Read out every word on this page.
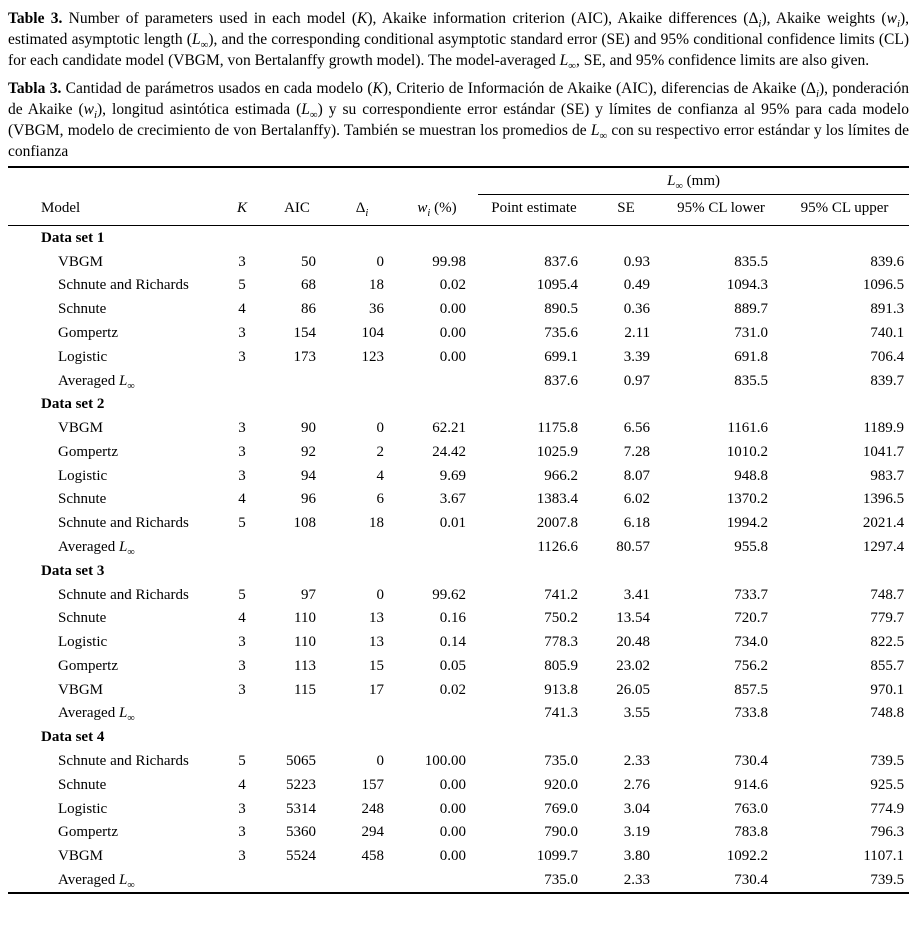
Table 3. Number of parameters used in each model (K), Akaike information criterion (AIC), Akaike differences $(\Delta_i)$, Akaike weights $(w_i)$, estimated asymptotic length $(L_\infty)$, and the corresponding conditional asymptotic standard error (SE) and 95% conditional confidence limits (CL) for each candidate model (VBGM, von Bertalanffy growth model). The model-averaged $L_\infty$, SE, and 95% confidence limits are also given.

Tabla 3. Cantidad de parámetros usados en cada modelo (K), Criterio de Información de Akaike (AIC), diferencias de Akaike $(\Delta_i)$, ponderación de Akaike $(w_i)$, longitud asintótica estimada $(L_\infty)$ y su correspondiente error estándar (SE) y límites de confianza al 95% para cada modelo (VBGM, modelo de crecimiento de von Bertalanffy). También se muestran los promedios de $L_\infty$ con su respectivo error estándar y los límites de confianza

					$L_\infty$ (mm)			
Model	K	AIC	$\Delta_i$	$w_i$ (%)	Point estimate	SE	95% CL lower	95% CL upper
Data set 1								
VBGM	3	50	0	99.98	837.6	0.93	835.5	839.6
Schnute and Richards	5	68	18	0.02	1095.4	0.49	1094.3	1096.5
Schnute	4	86	36	0.00	890.5	0.36	889.7	891.3
Gompertz	3	154	104	0.00	735.6	2.11	731.0	740.1
Logistic	3	173	123	0.00	699.1	3.39	691.8	706.4
Averaged $L_\infty$					837.6	0.97	835.5	839.7
Data set 2								
VBGM	3	90	0	62.21	1175.8	6.56	1161.6	1189.9
Gompertz	3	92	2	24.42	1025.9	7.28	1010.2	1041.7
Logistic	3	94	4	9.69	966.2	8.07	948.8	983.7
Schnute	4	96	6	3.67	1383.4	6.02	1370.2	1396.5
Schnute and Richards	5	108	18	0.01	2007.8	6.18	1994.2	2021.4
Averaged $L_\infty$					1126.6	80.57	955.8	1297.4
Data set 3								
Schnute and Richards	5	97	0	99.62	741.2	3.41	733.7	748.7
Schnute	4	110	13	0.16	750.2	13.54	720.7	779.7
Logistic	3	110	13	0.14	778.3	20.48	734.0	822.5
Gompertz	3	113	15	0.05	805.9	23.02	756.2	855.7
VBGM	3	115	17	0.02	913.8	26.05	857.5	970.1
Averaged $L_\infty$					741.3	3.55	733.8	748.8
Data set 4								
Schnute and Richards	5	5065	0	100.00	735.0	2.33	730.4	739.5
Schnute	4	5223	157	0.00	920.0	2.76	914.6	925.5
Logistic	3	5314	248	0.00	769.0	3.04	763.0	774.9
Gompertz	3	5360	294	0.00	790.0	3.19	783.8	796.3
VBGM	3	5524	458	0.00	1099.7	3.80	1092.2	1107.1
Averaged $L_\infty$					735.0	2.33	730.4	739.5
